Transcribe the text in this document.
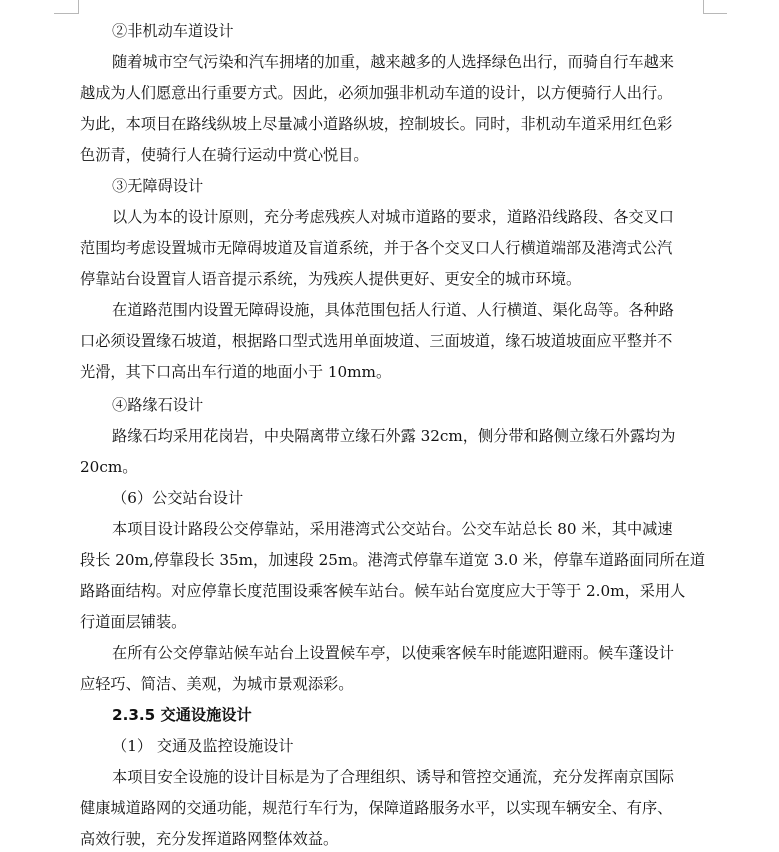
②非机动车道设计
随着城市空气污染和汽车拥堵的加重，越来越多的人选择绿色出行，而骑自行车越来
越成为人们愿意出行重要方式。因此，必须加强非机动车道的设计，以方便骑行人出行。
为此，本项目在路线纵坡上尽量减小道路纵坡，控制坡长。同时，非机动车道采用红色彩
色沥青，使骑行人在骑行运动中赏心悦目。
③无障碍设计
以人为本的设计原则，充分考虑残疾人对城市道路的要求，道路沿线路段、各交叉口
范围均考虑设置城市无障碍坡道及盲道系统，并于各个交叉口人行横道端部及港湾式公汽
停靠站台设置盲人语音提示系统，为残疾人提供更好、更安全的城市环境。
在道路范围内设置无障碍设施，具体范围包括人行道、人行横道、渠化岛等。各种路
口必须设置缘石坡道，根据路口型式选用单面坡道、三面坡道，缘石坡道坡面应平整并不
光滑，其下口高出车行道的地面小于 10mm。
④路缘石设计
路缘石均采用花岗岩，中央隔离带立缘石外露 32cm，侧分带和路侧立缘石外露均为
20cm。
（6）公交站台设计
本项目设计路段公交停靠站，采用港湾式公交站台。公交车站总长 80 米，其中减速
段长 20m,停靠段长 35m，加速段 25m。港湾式停靠车道宽 3.0 米，停靠车道路面同所在道
路路面结构。对应停靠长度范围设乘客候车站台。候车站台宽度应大于等于 2.0m，采用人
行道面层铺装。
在所有公交停靠站候车站台上设置候车亭，以使乘客候车时能遮阳避雨。候车蓬设计
应轻巧、简洁、美观，为城市景观添彩。
2.3.5 交通设施设计
（1） 交通及监控设施设计
本项目安全设施的设计目标是为了合理组织、诱导和管控交通流，充分发挥南京国际
健康城道路网的交通功能，规范行车行为，保障道路服务水平，以实现车辆安全、有序、
高效行驶，充分发挥道路网整体效益。
